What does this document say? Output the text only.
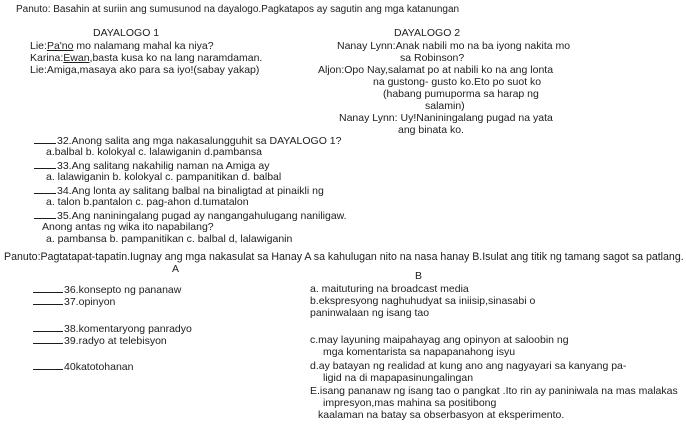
Panuto: Basahin at suriin ang sumusunod na dayalogo.Pagkatapos ay sagutin ang mga katanungan
DAYALOGO 1
Lie:Pa'no mo nalamang mahal ka niya?
Karina:Ewan,basta kusa ko na lang naramdaman.
Lie:Amiga,masaya ako para sa iyo!(sabay yakap)
DAYALOGO 2
Nanay Lynn:Anak nabili mo na ba iyong nakita mo
sa Robinson?
Aljon:Opo Nay,salamat po at nabili ko na ang lonta
na gustong- gusto ko.Eto po suot ko
(habang pumuporma sa harap ng
salamin)
Nanay Lynn: Uy!Naniningalang pugad na yata
ang binata ko.
32.Anong salita ang mga nakasalungguhit sa DAYALOGO 1?
a.balbal b. kolokyal c. lalawiganin d.pambansa
33.Ang salitang nakahilig naman na Amiga ay
a. lalawiganin b. kolokyal c. pampanitikan d. balbal
34.Ang lonta ay salitang balbal na binaligtad at pinaikli ng
a. talon b.pantalon c. pag-ahon d.tumatalon
35.Ang naniningalang pugad ay nangangahulugang naniligaw.
Anong antas ng wika ito napabilang?
a. pambansa b. pampanitikan c. balbal d, lalawiganin
Panuto:Pagtatapat-tapatin.Iugnay ang mga nakasulat sa Hanay A sa kahulugan nito na nasa hanay B.Isulat ang titik ng tamang sagot sa patlang.
A
B
36.konsepto ng pananaw
37.opinyon
38.komentaryong panradyo
39.radyo at telebisyon
40katotohanan
a. maituturing na broadcast media
b.ekspresyong naghuhudyat sa iniisip,sinasabi o
paninwalaan ng isang tao
c.may layuning maipahayag ang opinyon at saloobin ng
mga komentarista sa napapanahong isyu
d.ay batayan ng realidad at kung ano ang nagyayari sa kanyang pa-
ligid na di mapapasinungalingan
E.isang pananaw ng isang tao o pangkat .Ito rin ay paniniwala na mas malakas
impresyon,mas mahina sa positibong
kaalaman na batay sa obserbasyon at eksperimento.
